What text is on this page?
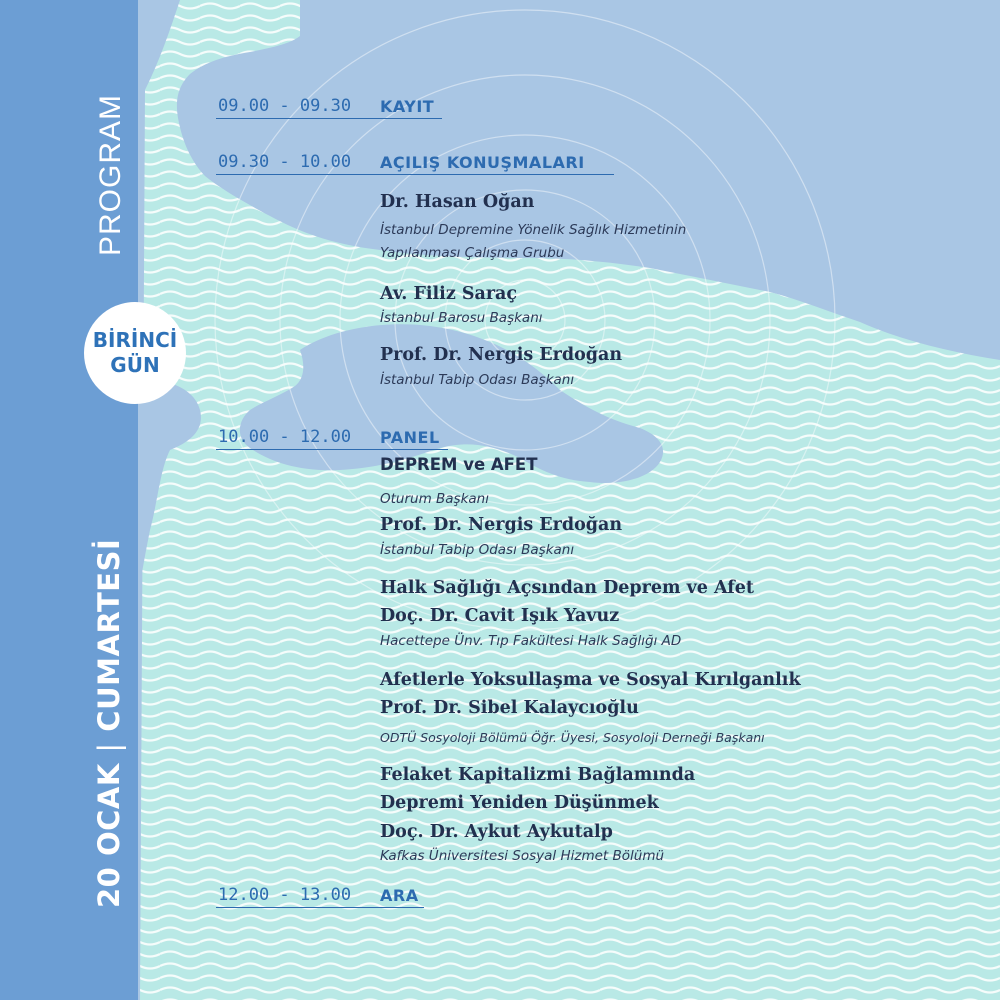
PROGRAM
20 OCAK | CUMARTESİ
BİRİNCİ
GÜN
09.00 - 09.30 KAYIT
09.30 - 10.00 AÇILIŞ KONUŞMALARI
Dr. Hasan Oğan
İstanbul Depremine Yönelik Sağlık Hizmetinin
Yapılanması Çalışma Grubu
Av. Filiz Saraç
İstanbul Barosu Başkanı
Prof. Dr. Nergis Erdoğan
İstanbul Tabip Odası Başkanı
10.00 - 12.00 PANEL
DEPREM ve AFET
Oturum Başkanı
Prof. Dr. Nergis Erdoğan
İstanbul Tabip Odası Başkanı
Halk Sağlığı Açsından Deprem ve Afet
Doç. Dr. Cavit Işık Yavuz
Hacettepe Ünv. Tıp Fakültesi Halk Sağlığı AD
Afetlerle Yoksullaşma ve Sosyal Kırılganlık
Prof. Dr. Sibel Kalaycıoğlu
ODTÜ Sosyoloji Bölümü Öğr. Üyesi, Sosyoloji Derneği Başkanı
Felaket Kapitalizmi Bağlamında
Depremi Yeniden Düşünmek
Doç. Dr. Aykut Aykutalp
Kafkas Üniversitesi Sosyal Hizmet Bölümü
12.00 - 13.00 ARA
